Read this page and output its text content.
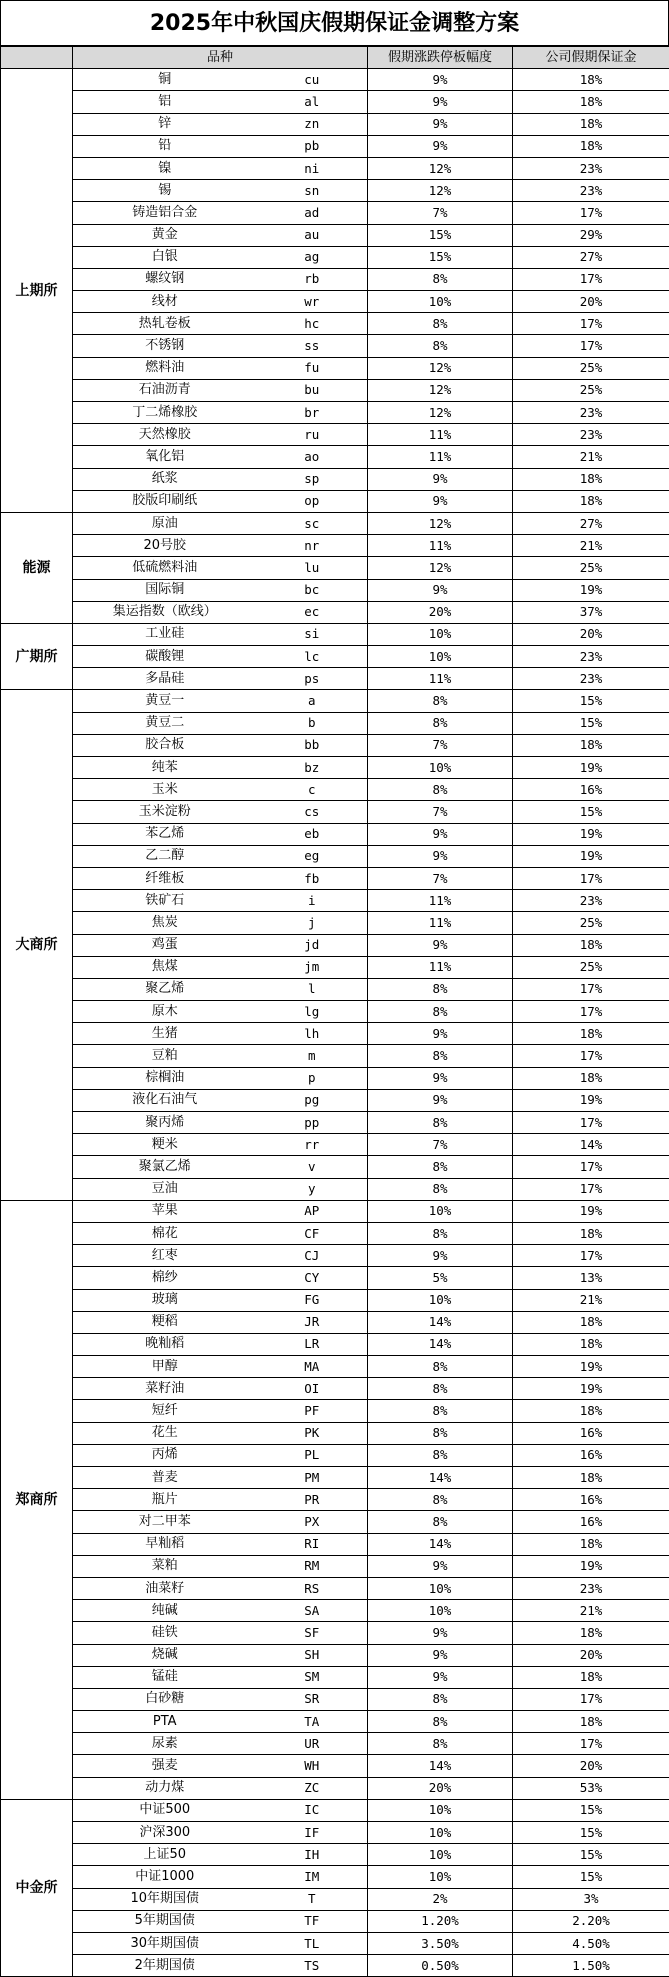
2025年中秋国庆假期保证金调整方案
	品种		假期涨跌停板幅度	公司假期保证金
上期所	铜	cu	9%	18%
	铝	al	9%	18%
	锌	zn	9%	18%
	铅	pb	9%	18%
	镍	ni	12%	23%
	锡	sn	12%	23%
	铸造铝合金	ad	7%	17%
	黄金	au	15%	29%
	白银	ag	15%	27%
	螺纹钢	rb	8%	17%
	线材	wr	10%	20%
	热轧卷板	hc	8%	17%
	不锈钢	ss	8%	17%
	燃料油	fu	12%	25%
	石油沥青	bu	12%	25%
	丁二烯橡胶	br	12%	23%
	天然橡胶	ru	11%	23%
	氧化铝	ao	11%	21%
	纸浆	sp	9%	18%
	胶版印刷纸	op	9%	18%
能源	原油	sc	12%	27%
	20号胶	nr	11%	21%
	低硫燃料油	lu	12%	25%
	国际铜	bc	9%	19%
	集运指数（欧线）	ec	20%	37%
广期所	工业硅	si	10%	20%
	碳酸锂	lc	10%	23%
	多晶硅	ps	11%	23%
大商所	黄豆一	a	8%	15%
	黄豆二	b	8%	15%
	胶合板	bb	7%	18%
	纯苯	bz	10%	19%
	玉米	c	8%	16%
	玉米淀粉	cs	7%	15%
	苯乙烯	eb	9%	19%
	乙二醇	eg	9%	19%
	纤维板	fb	7%	17%
	铁矿石	i	11%	23%
	焦炭	j	11%	25%
	鸡蛋	jd	9%	18%
	焦煤	jm	11%	25%
	聚乙烯	l	8%	17%
	原木	lg	8%	17%
	生猪	lh	9%	18%
	豆粕	m	8%	17%
	棕榈油	p	9%	18%
	液化石油气	pg	9%	19%
	聚丙烯	pp	8%	17%
	粳米	rr	7%	14%
	聚氯乙烯	v	8%	17%
	豆油	y	8%	17%
郑商所	苹果	AP	10%	19%
	棉花	CF	8%	18%
	红枣	CJ	9%	17%
	棉纱	CY	5%	13%
	玻璃	FG	10%	21%
	粳稻	JR	14%	18%
	晚籼稻	LR	14%	18%
	甲醇	MA	8%	19%
	菜籽油	OI	8%	19%
	短纤	PF	8%	18%
	花生	PK	8%	16%
	丙烯	PL	8%	16%
	普麦	PM	14%	18%
	瓶片	PR	8%	16%
	对二甲苯	PX	8%	16%
	早籼稻	RI	14%	18%
	菜粕	RM	9%	19%
	油菜籽	RS	10%	23%
	纯碱	SA	10%	21%
	硅铁	SF	9%	18%
	烧碱	SH	9%	20%
	锰硅	SM	9%	18%
	白砂糖	SR	8%	17%
	PTA	TA	8%	18%
	尿素	UR	8%	17%
	强麦	WH	14%	20%
	动力煤	ZC	20%	53%
中金所	中证500	IC	10%	15%
	沪深300	IF	10%	15%
	上证50	IH	10%	15%
	中证1000	IM	10%	15%
	10年期国债	T	2%	3%
	5年期国债	TF	1.20%	2.20%
	30年期国债	TL	3.50%	4.50%
	2年期国债	TS	0.50%	1.50%
